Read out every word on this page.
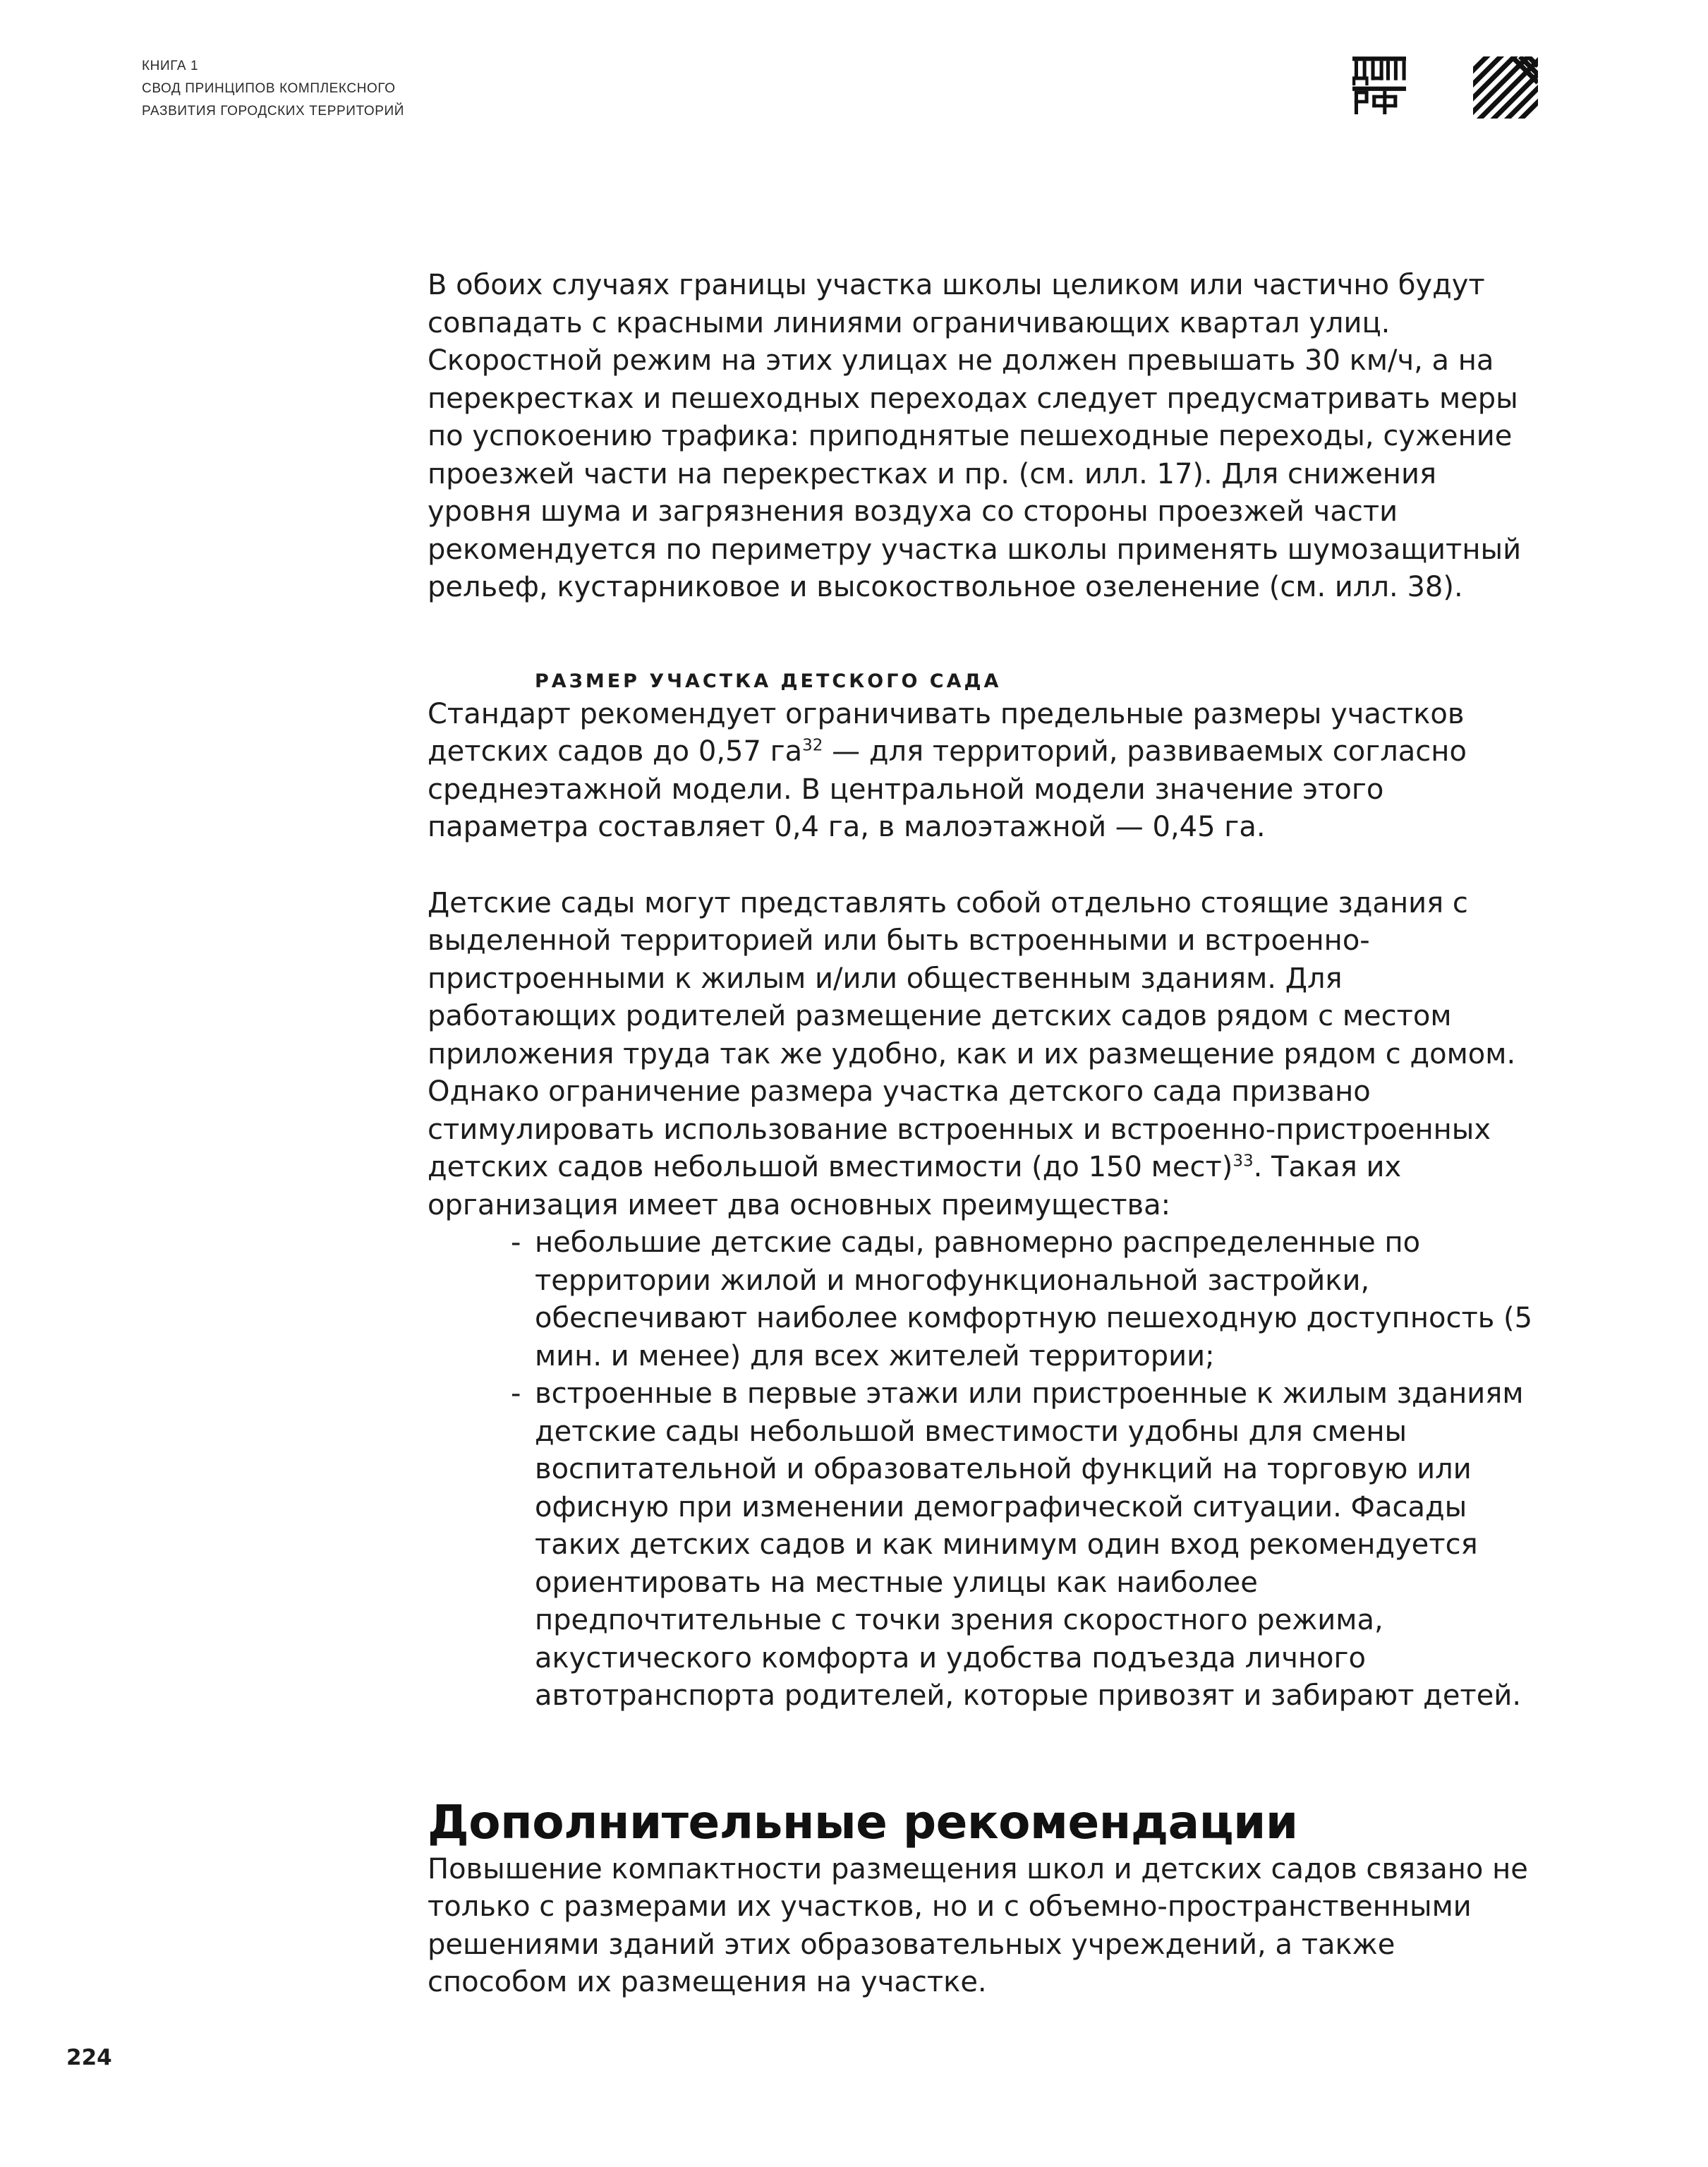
КНИГА 1
СВОД ПРИНЦИПОВ КОМПЛЕКСНОГО
РАЗВИТИЯ ГОРОДСКИХ ТЕРРИТОРИЙ

В обоих случаях границы участка школы целиком или частично будут совпадать с красными линиями ограничивающих квартал улиц. Скоростной режим на этих улицах не должен превышать 30 км/ч, а на перекрестках и пешеходных переходах следует предусматривать меры по успокоению трафика: приподнятые пешеходные переходы, сужение проезжей части на перекрестках и пр. (см. илл. 17). Для снижения уровня шума и загрязнения воздуха со стороны проезжей части рекомендуется по периметру участка школы применять шумозащитный рельеф, кустарниковое и высокоствольное озеленение (см. илл. 38).

РАЗМЕР УЧАСТКА ДЕТСКОГО САДА

Стандарт рекомендует ограничивать предельные размеры участков детских садов до 0,57 $га^{32}$ — для территорий, развиваемых согласно среднеэтажной модели. В центральной модели значение этого параметра составляет 0,4 га, в малоэтажной — 0,45 га.

Детские сады могут представлять собой отдельно стоящие здания с выделенной территорией или быть встроенными и встроенно-пристроенными к жилым и/или общественным зданиям. Для работающих родителей размещение детских садов рядом с местом приложения труда так же удобно, как и их размещение рядом с домом. Однако ограничение размера участка детского сада призвано стимулировать использование встроенных и встроенно-пристроенных детских садов небольшой вместимости (до 150 мест)$^{33}$. Такая их организация имеет два основных преимущества:

- небольшие детские сады, равномерно распределенные по территории жилой и многофункциональной застройки, обеспечивают наиболее комфортную пешеходную доступность (5 мин. и менее) для всех жителей территории;
- встроенные в первые этажи или пристроенные к жилым зданиям детские сады небольшой вместимости удобны для смены воспитательной и образовательной функций на торговую или офисную при изменении демографической ситуации. Фасады таких детских садов и как минимум один вход рекомендуется ориентировать на местные улицы как наиболее предпочтительные с точки зрения скоростного режима, акустического комфорта и удобства подъезда личного автотранспорта родителей, которые привозят и забирают детей.
Дополнительные рекомендации

Повышение компактности размещения школ и детских садов связано не только с размерами их участков, но и с объемно-пространственными решениями зданий этих образовательных учреждений, а также способом их размещения на участке.

224
